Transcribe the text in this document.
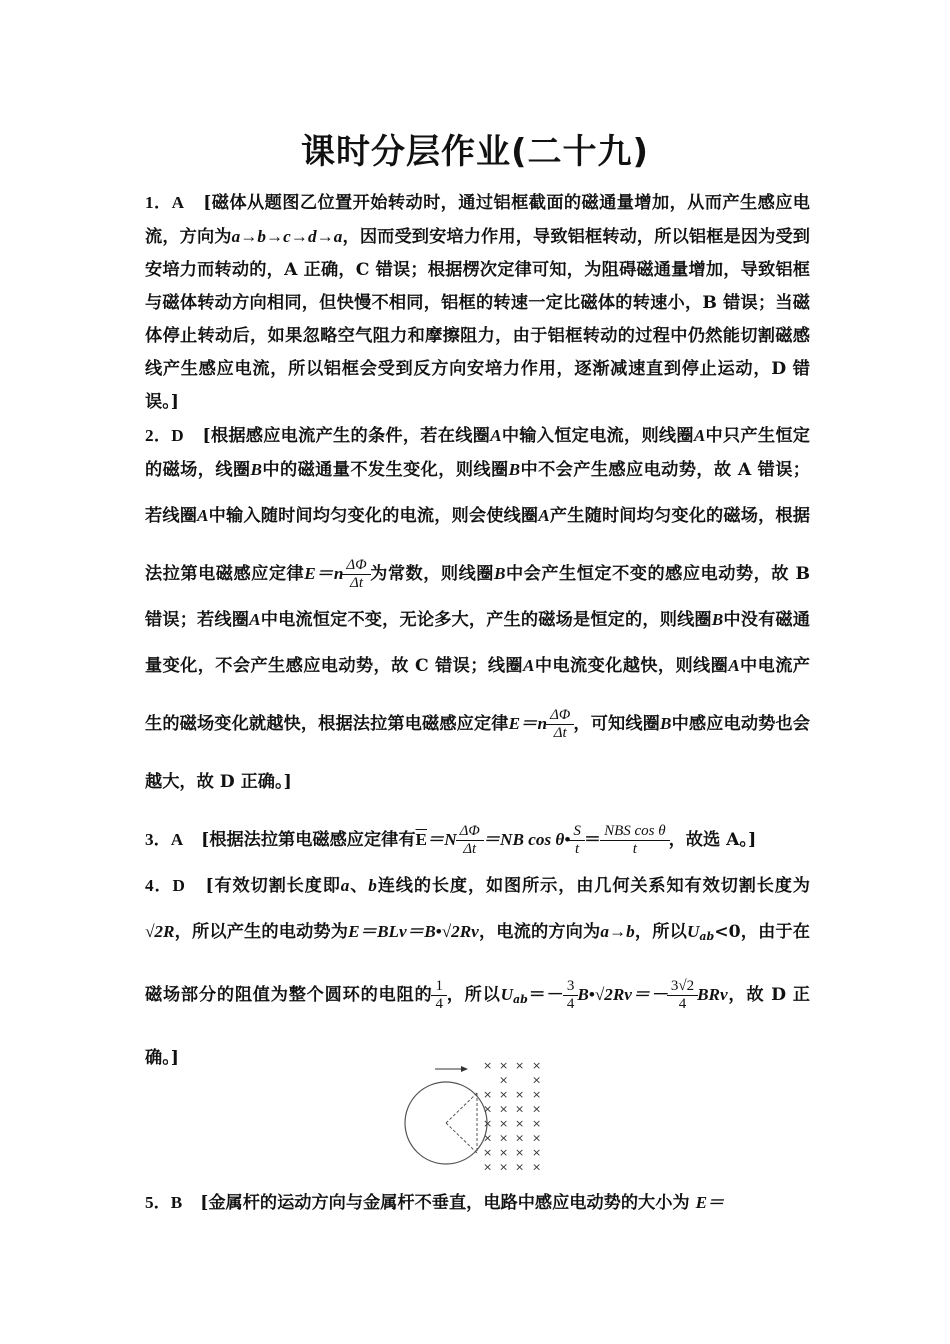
课时分层作业(二十九)

1．A [磁体从题图乙位置开始转动时，通过铝框截面的磁通量增加，从而产生感应电流，方向为a→b→c→d→a，因而受到安培力作用，导致铝框转动，所以铝框是因为受到安培力而转动的，A 正确，C 错误；根据楞次定律可知，为阻碍磁通量增加，导致铝框与磁体转动方向相同，但快慢不相同，铝框的转速一定比磁体的转速小，B 错误；当磁体停止转动后，如果忽略空气阻力和摩擦阻力，由于铝框转动的过程中仍然能切割磁感线产生感应电流，所以铝框会受到反方向安培力作用，逐渐减速直到停止运动，D 错误。]

2．D [根据感应电流产生的条件，若在线圈A中输入恒定电流，则线圈A中只产生恒定的磁场，线圈B中的磁通量不发生变化，则线圈B中不会产生感应电动势，故 A 错误；若线圈A中输入随时间均匀变化的电流，则会使线圈A产生随时间均匀变化的磁场，根据法拉第电磁感应定律$E=n \frac{\Delta\Phi}{\Delta t}$ 为常数，则线圈B中会产生恒定不变的感应电动势，故 B 错误；若线圈A中电流恒定不变，无论多大，产生的磁场是恒定的，则线圈B中没有磁通量变化，不会产生感应电动势，故 C 错误；线圈A中电流变化越快，则线圈A中电流产生的磁场变化就越快，根据法拉第电磁感应定律$E=n \frac{\Delta\Phi}{\Delta t}$ ，可知线圈B中感应电动势也会越大，故 D 正确。]

3．A [根据法拉第电磁感应定律有$\overline{E}=N \frac{\Delta\Phi}{\Delta t} =NB$ cos θ• $\frac{S}{t} = \frac{\text{NBS cos θ}}{t}$ ，故选 A。]

4．D [有效切割长度即a、b连线的长度，如图所示，由几何关系知有效切割长度为 √2R，所以产生的电动势为E＝BLv＝B•√2Rv，电流的方向为a→b，所以$U_{ab}<0$，由于在磁场部分的阻值为整个圆环的电阻的 $\frac{1}{4}$ ，所以$U_{ab}=- \frac{3}{4}$ B•√2Rv＝－ $\frac{3√2}{4}$ BRv，故 D 正确。]	× × × ×
× ×
× × × ×
× × × ×
× × × ×
× × × ×
× × × ×
× × × ×
5．B [金属杆的运动方向与金属杆不垂直，电路中感应电动势的大小为 E＝
